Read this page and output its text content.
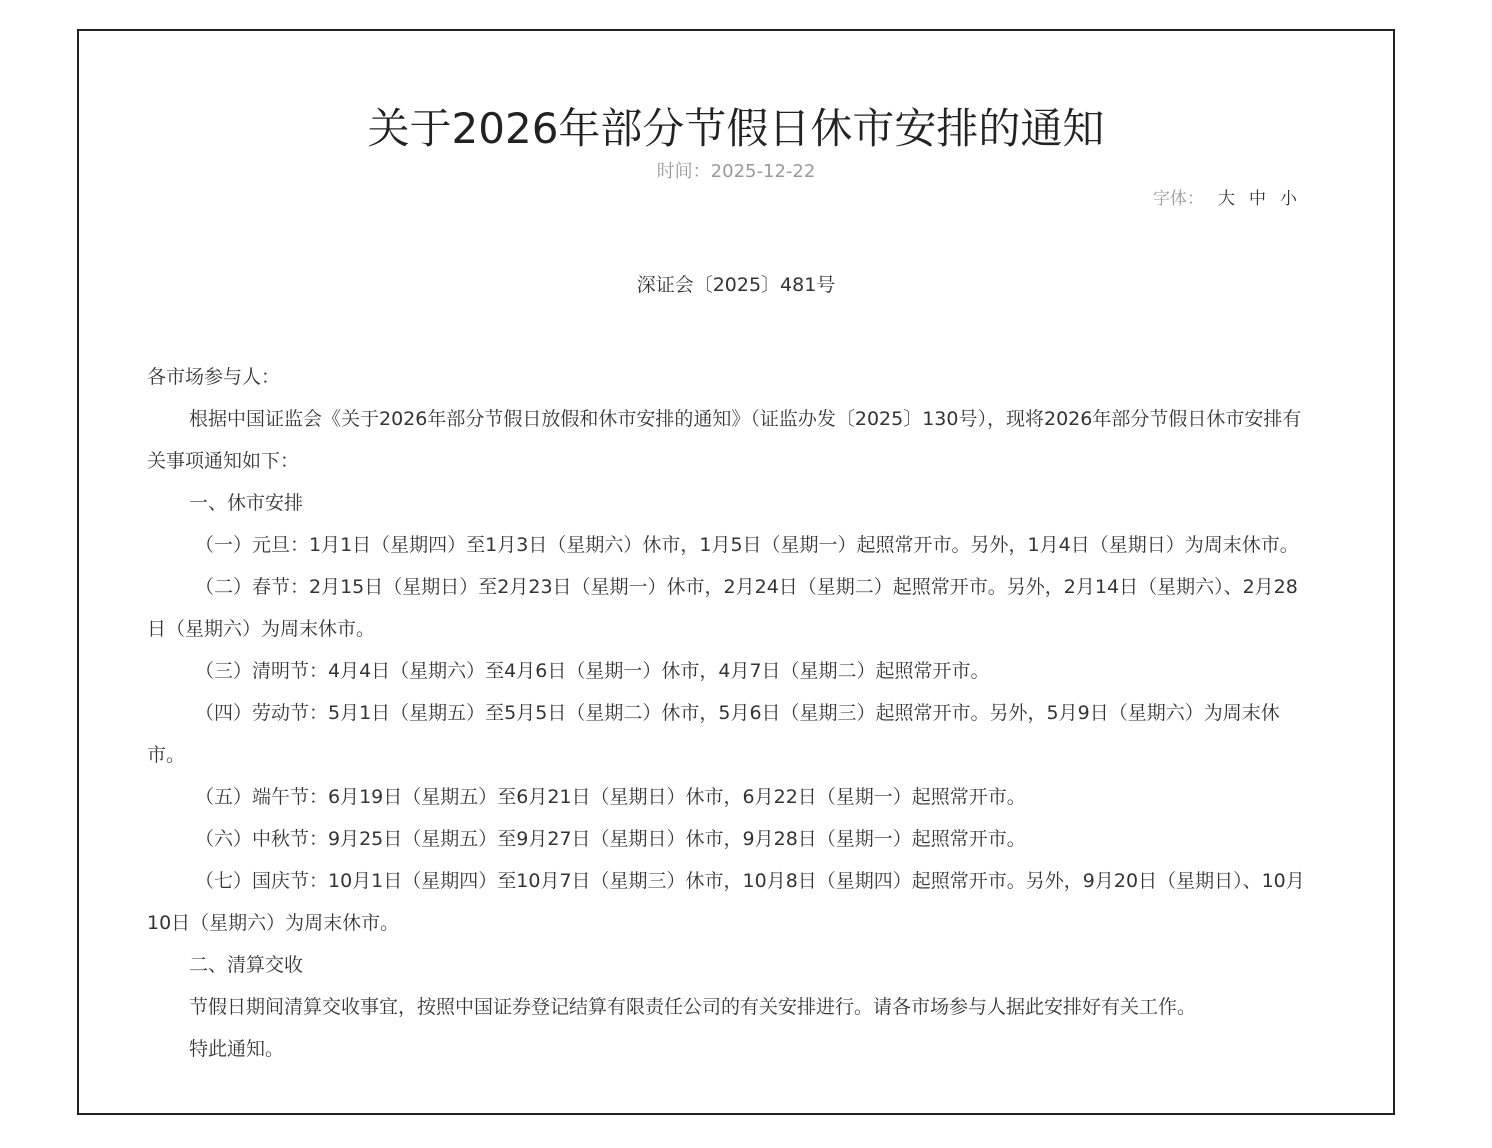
关于2026年部分节假日休市安排的通知
时间：2025-12-22
字体： 大 中 小
深证会〔2025〕481号

各市场参与人：

根据中国证监会《关于2026年部分节假日放假和休市安排的通知》（证监办发〔2025〕130号），现将2026年部分节假日休市安排有关事项通知如下：

一、休市安排

（一）元旦：1月1日（星期四）至1月3日（星期六）休市，1月5日（星期一）起照常开市。另外，1月4日（星期日）为周末休市。

（二）春节：2月15日（星期日）至2月23日（星期一）休市，2月24日（星期二）起照常开市。另外，2月14日（星期六）、2月28日（星期六）为周末休市。

（三）清明节：4月4日（星期六）至4月6日（星期一）休市，4月7日（星期二）起照常开市。

（四）劳动节：5月1日（星期五）至5月5日（星期二）休市，5月6日（星期三）起照常开市。另外，5月9日（星期六）为周末休市。

（五）端午节：6月19日（星期五）至6月21日（星期日）休市，6月22日（星期一）起照常开市。

（六）中秋节：9月25日（星期五）至9月27日（星期日）休市，9月28日（星期一）起照常开市。

（七）国庆节：10月1日（星期四）至10月7日（星期三）休市，10月8日（星期四）起照常开市。另外，9月20日（星期日）、10月10日（星期六）为周末休市。

二、清算交收

节假日期间清算交收事宜，按照中国证券登记结算有限责任公司的有关安排进行。请各市场参与人据此安排好有关工作。

特此通知。
